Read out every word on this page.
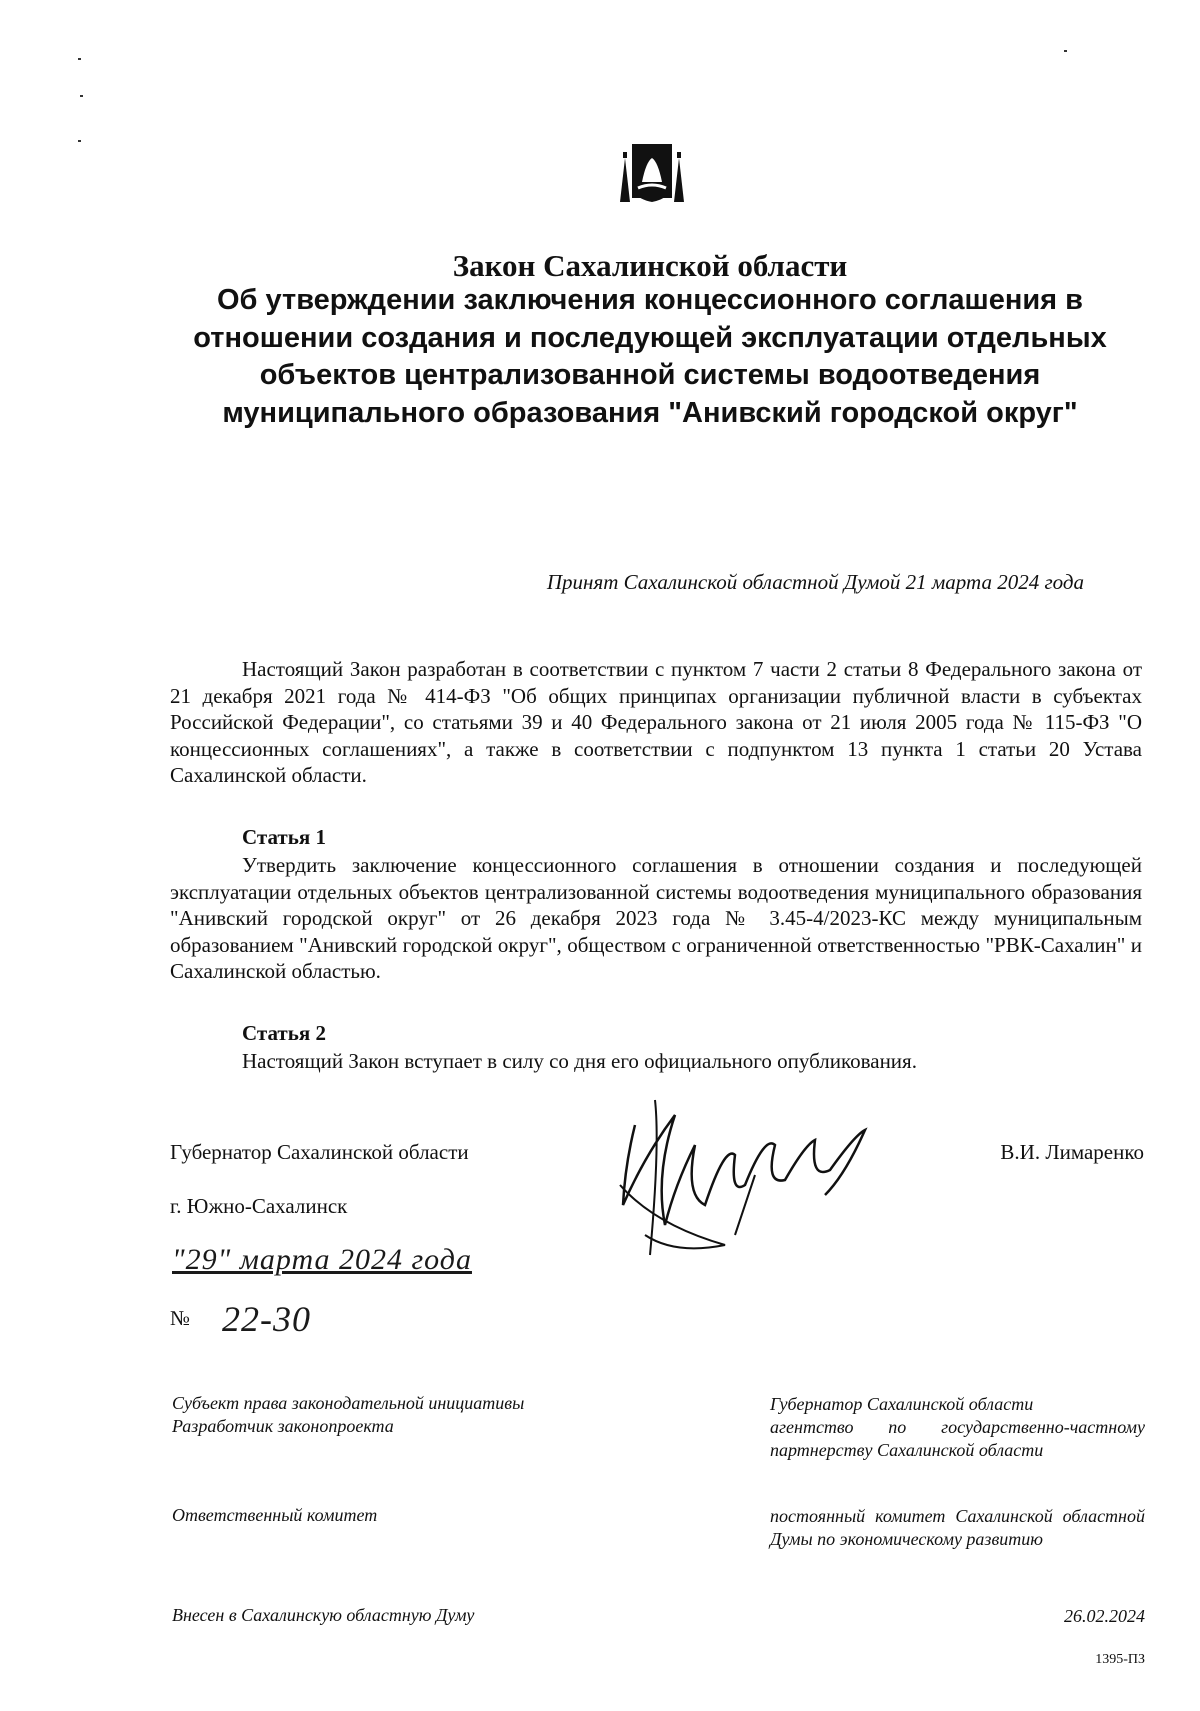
Закон Сахалинской области
Об утверждении заключения концессионного соглашения в отношении создания и последующей эксплуатации отдельных объектов централизованной системы водоотведения муниципального образования "Анивский городской округ"
Принят Сахалинской областной Думой 21 марта 2024 года

Настоящий Закон разработан в соответствии с пунктом 7 части 2 статьи 8 Федерального закона от 21 декабря 2021 года № 414-ФЗ "Об общих принципах организации публичной власти в субъектах Российской Федерации", со статьями 39 и 40 Федерального закона от 21 июля 2005 года № 115-ФЗ "О концессионных соглашениях", а также в соответствии с подпунктом 13 пункта 1 статьи 20 Устава Сахалинской области.

Статья 1

Утвердить заключение концессионного соглашения в отношении создания и последующей эксплуатации отдельных объектов централизованной системы водоотведения муниципального образования "Анивский городской округ" от 26 декабря 2023 года № 3.45-4/2023-КС между муниципальным образованием "Анивский городской округ", обществом с ограниченной ответственностью "РВК-Сахалин" и Сахалинской областью.

Статья 2

Настоящий Закон вступает в силу со дня его официального опубликования.

Губернатор Сахалинской области	В.И. Лимаренко
г. Южно-Сахалинск
"29" марта 2024 года
№ 22-30
Субъект права законодательной инициативы
Разработчик законопроекта
Ответственный комитет
Внесен в Сахалинскую областную Думу
Губернатор Сахалинской области
агентство по государственно-частному партнерству Сахалинской области
постоянный комитет Сахалинской областной Думы по экономическому развитию
26.02.2024
1395-ПЗ
